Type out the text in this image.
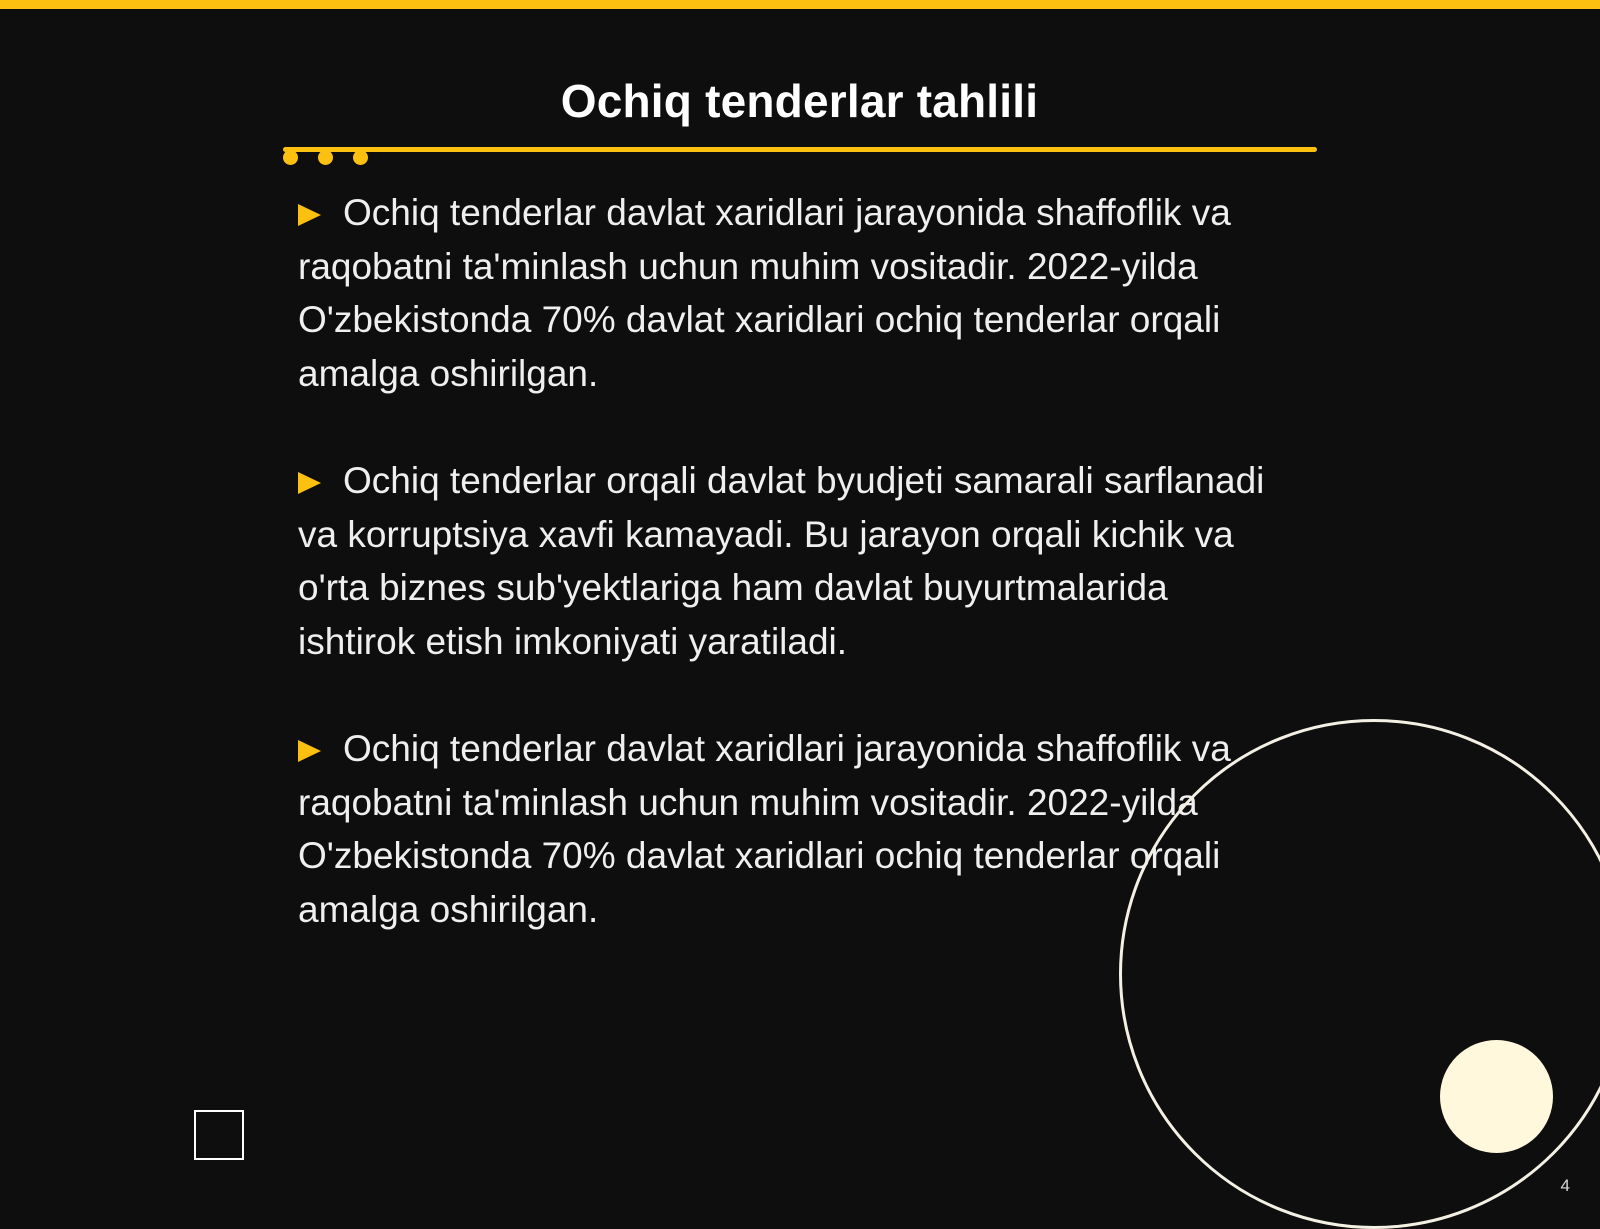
Ochiq tenderlar tahlili

Ochiq tenderlar davlat xaridlari jarayonida shaffoflik va raqobatni ta'minlash uchun muhim vositadir. 2022-yilda O'zbekistonda 70% davlat xaridlari ochiq tenderlar orqali amalga oshirilgan.

Ochiq tenderlar orqali davlat byudjeti samarali sarflanadi va korruptsiya xavfi kamayadi. Bu jarayon orqali kichik va o'rta biznes sub'yektlariga ham davlat buyurtmalarida ishtirok etish imkoniyati yaratiladi.

Ochiq tenderlar davlat xaridlari jarayonida shaffoflik va raqobatni ta'minlash uchun muhim vositadir. 2022-yilda O'zbekistonda 70% davlat xaridlari ochiq tenderlar orqali amalga oshirilgan.

4
